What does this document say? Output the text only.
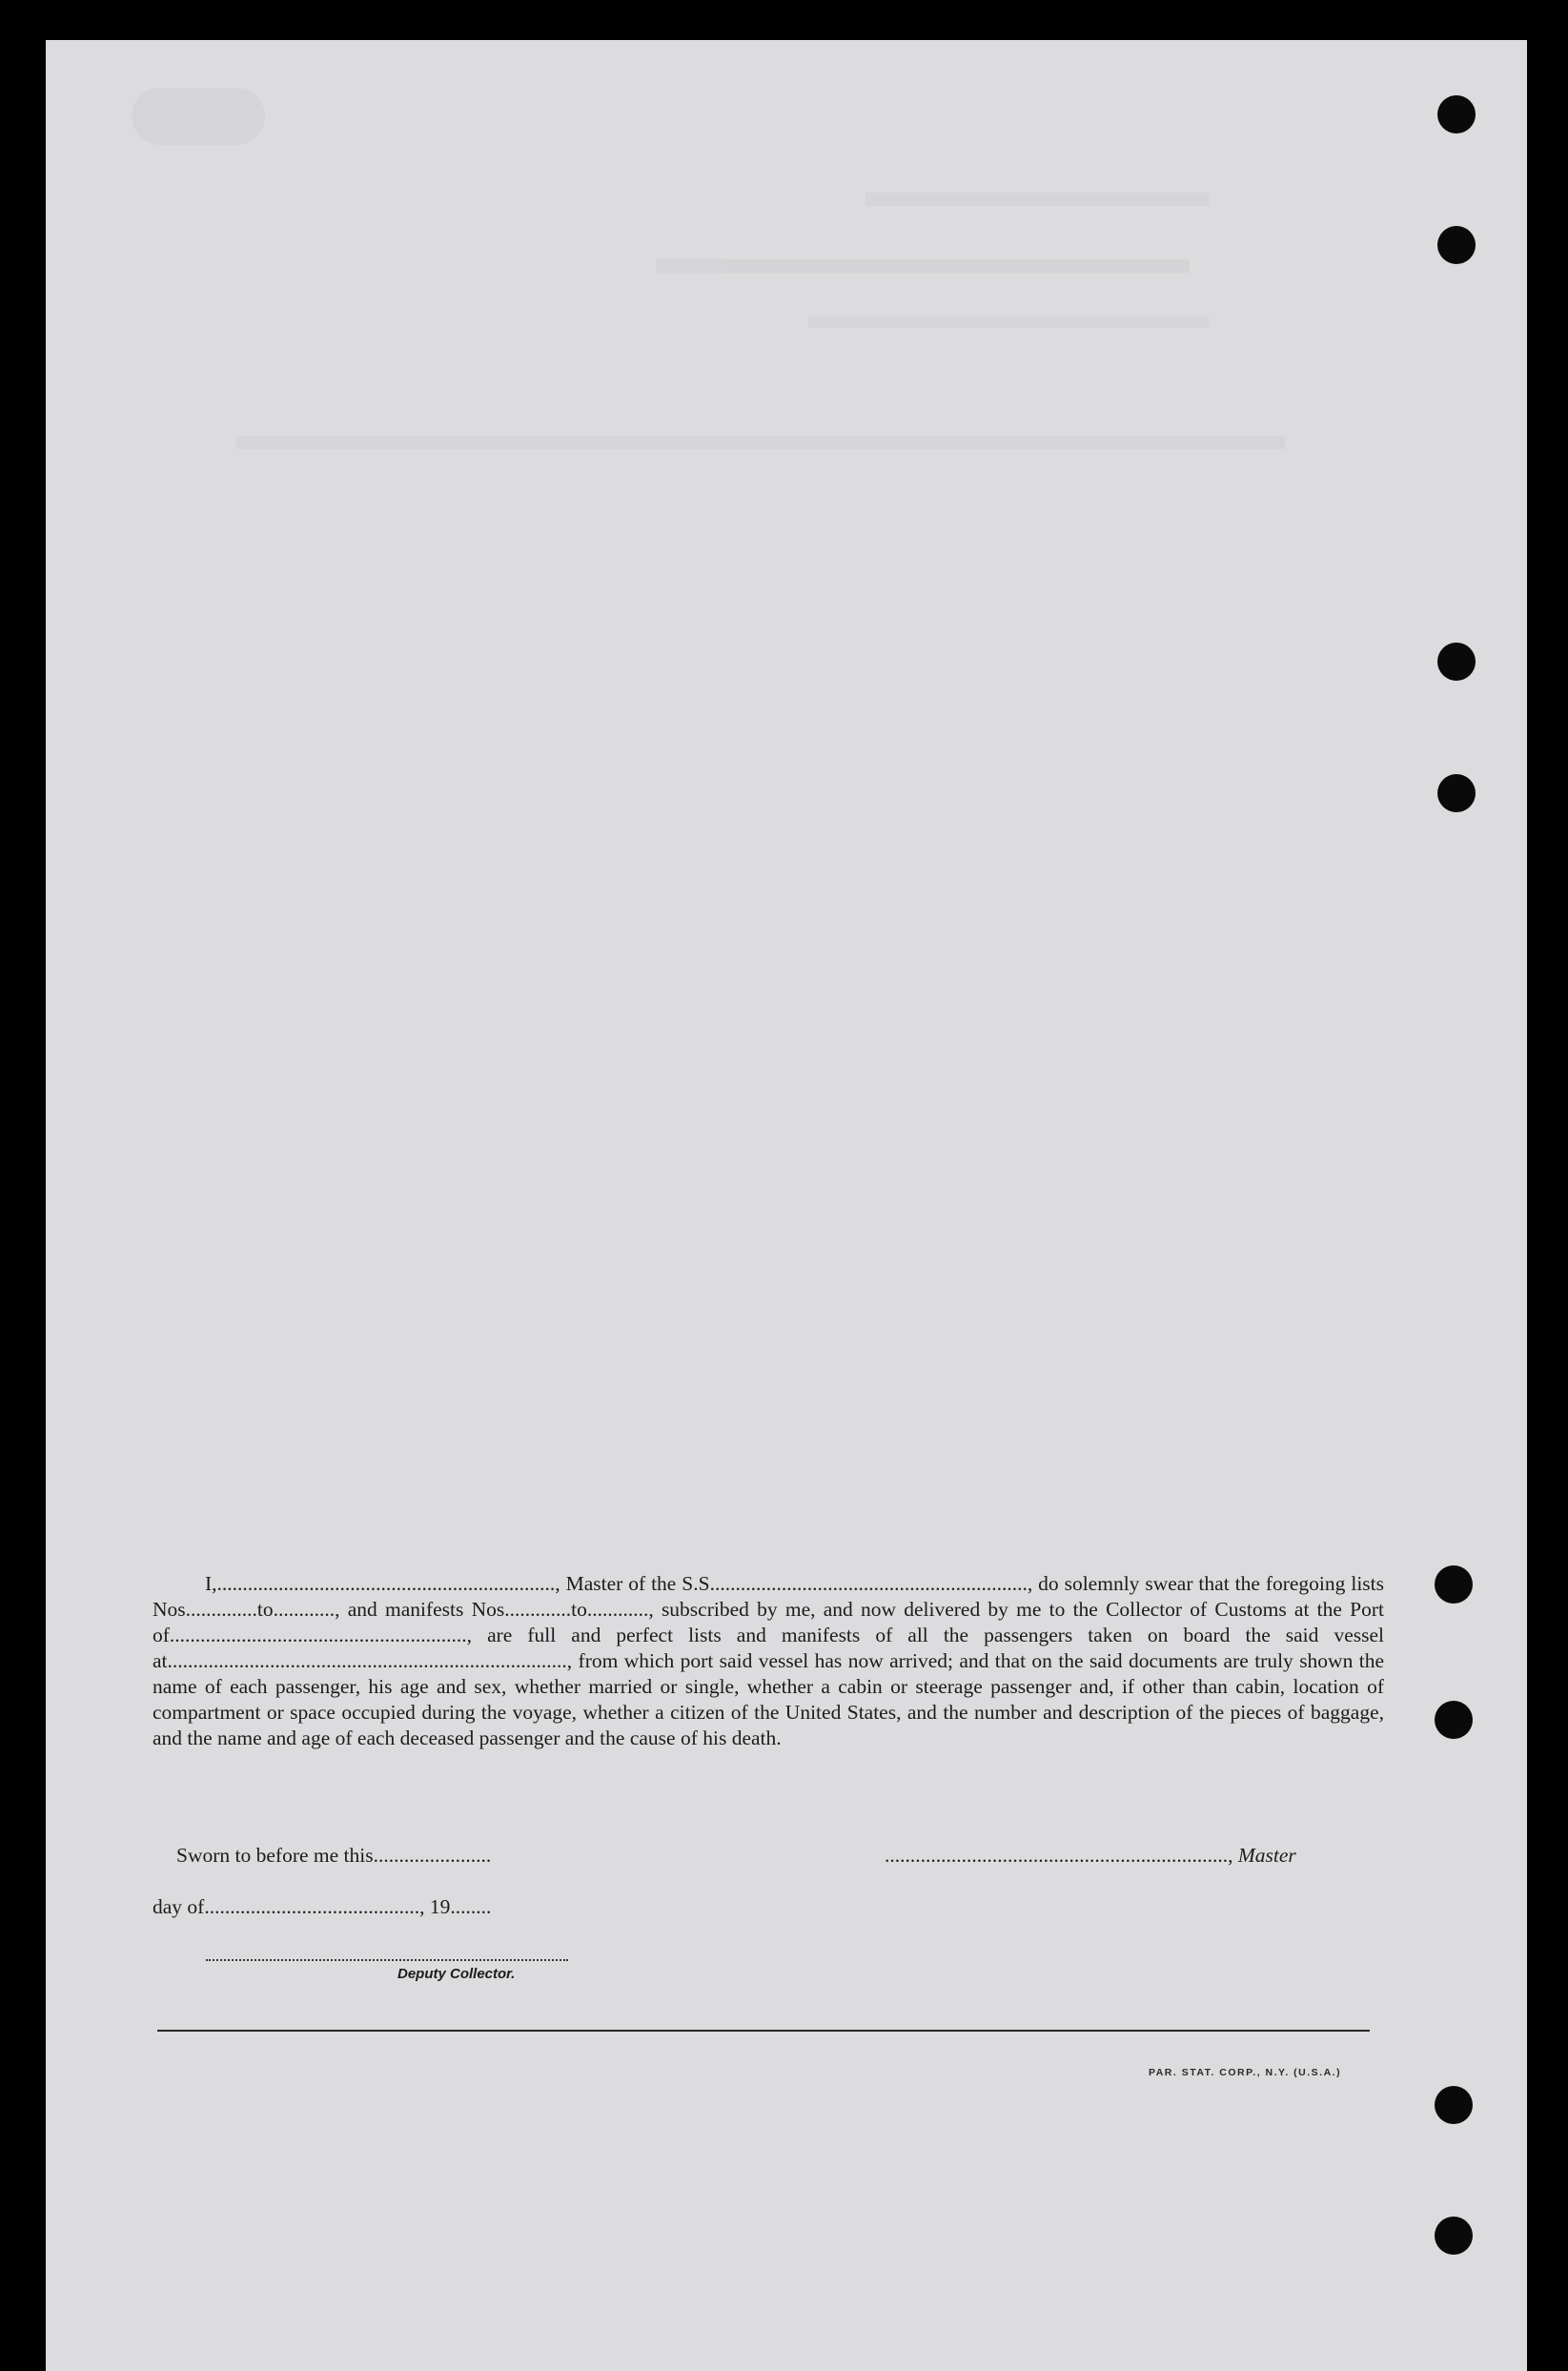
I,.................................................................., Master of the S.S.............................................................., do solemnly swear that the foregoing lists Nos..............to............, and manifests Nos.............to............, subscribed by me, and now delivered by me to the Collector of Customs at the Port of.........................................................., are full and perfect lists and manifests of all the passengers taken on board the said vessel at.............................................................................., from which port said vessel has now arrived; and that on the said documents are truly shown the name of each passenger, his age and sex, whether married or single, whether a cabin or steerage passenger and, if other than cabin, location of compartment or space occupied during the voyage, whether a citizen of the United States, and the number and description of the pieces of baggage, and the name and age of each deceased passenger and the cause of his death.
Sworn to before me this.......................	..................................................................., Master
day of.........................................., 19........
Deputy Collector.
PAR. STAT. CORP., N.Y. (U.S.A.)
